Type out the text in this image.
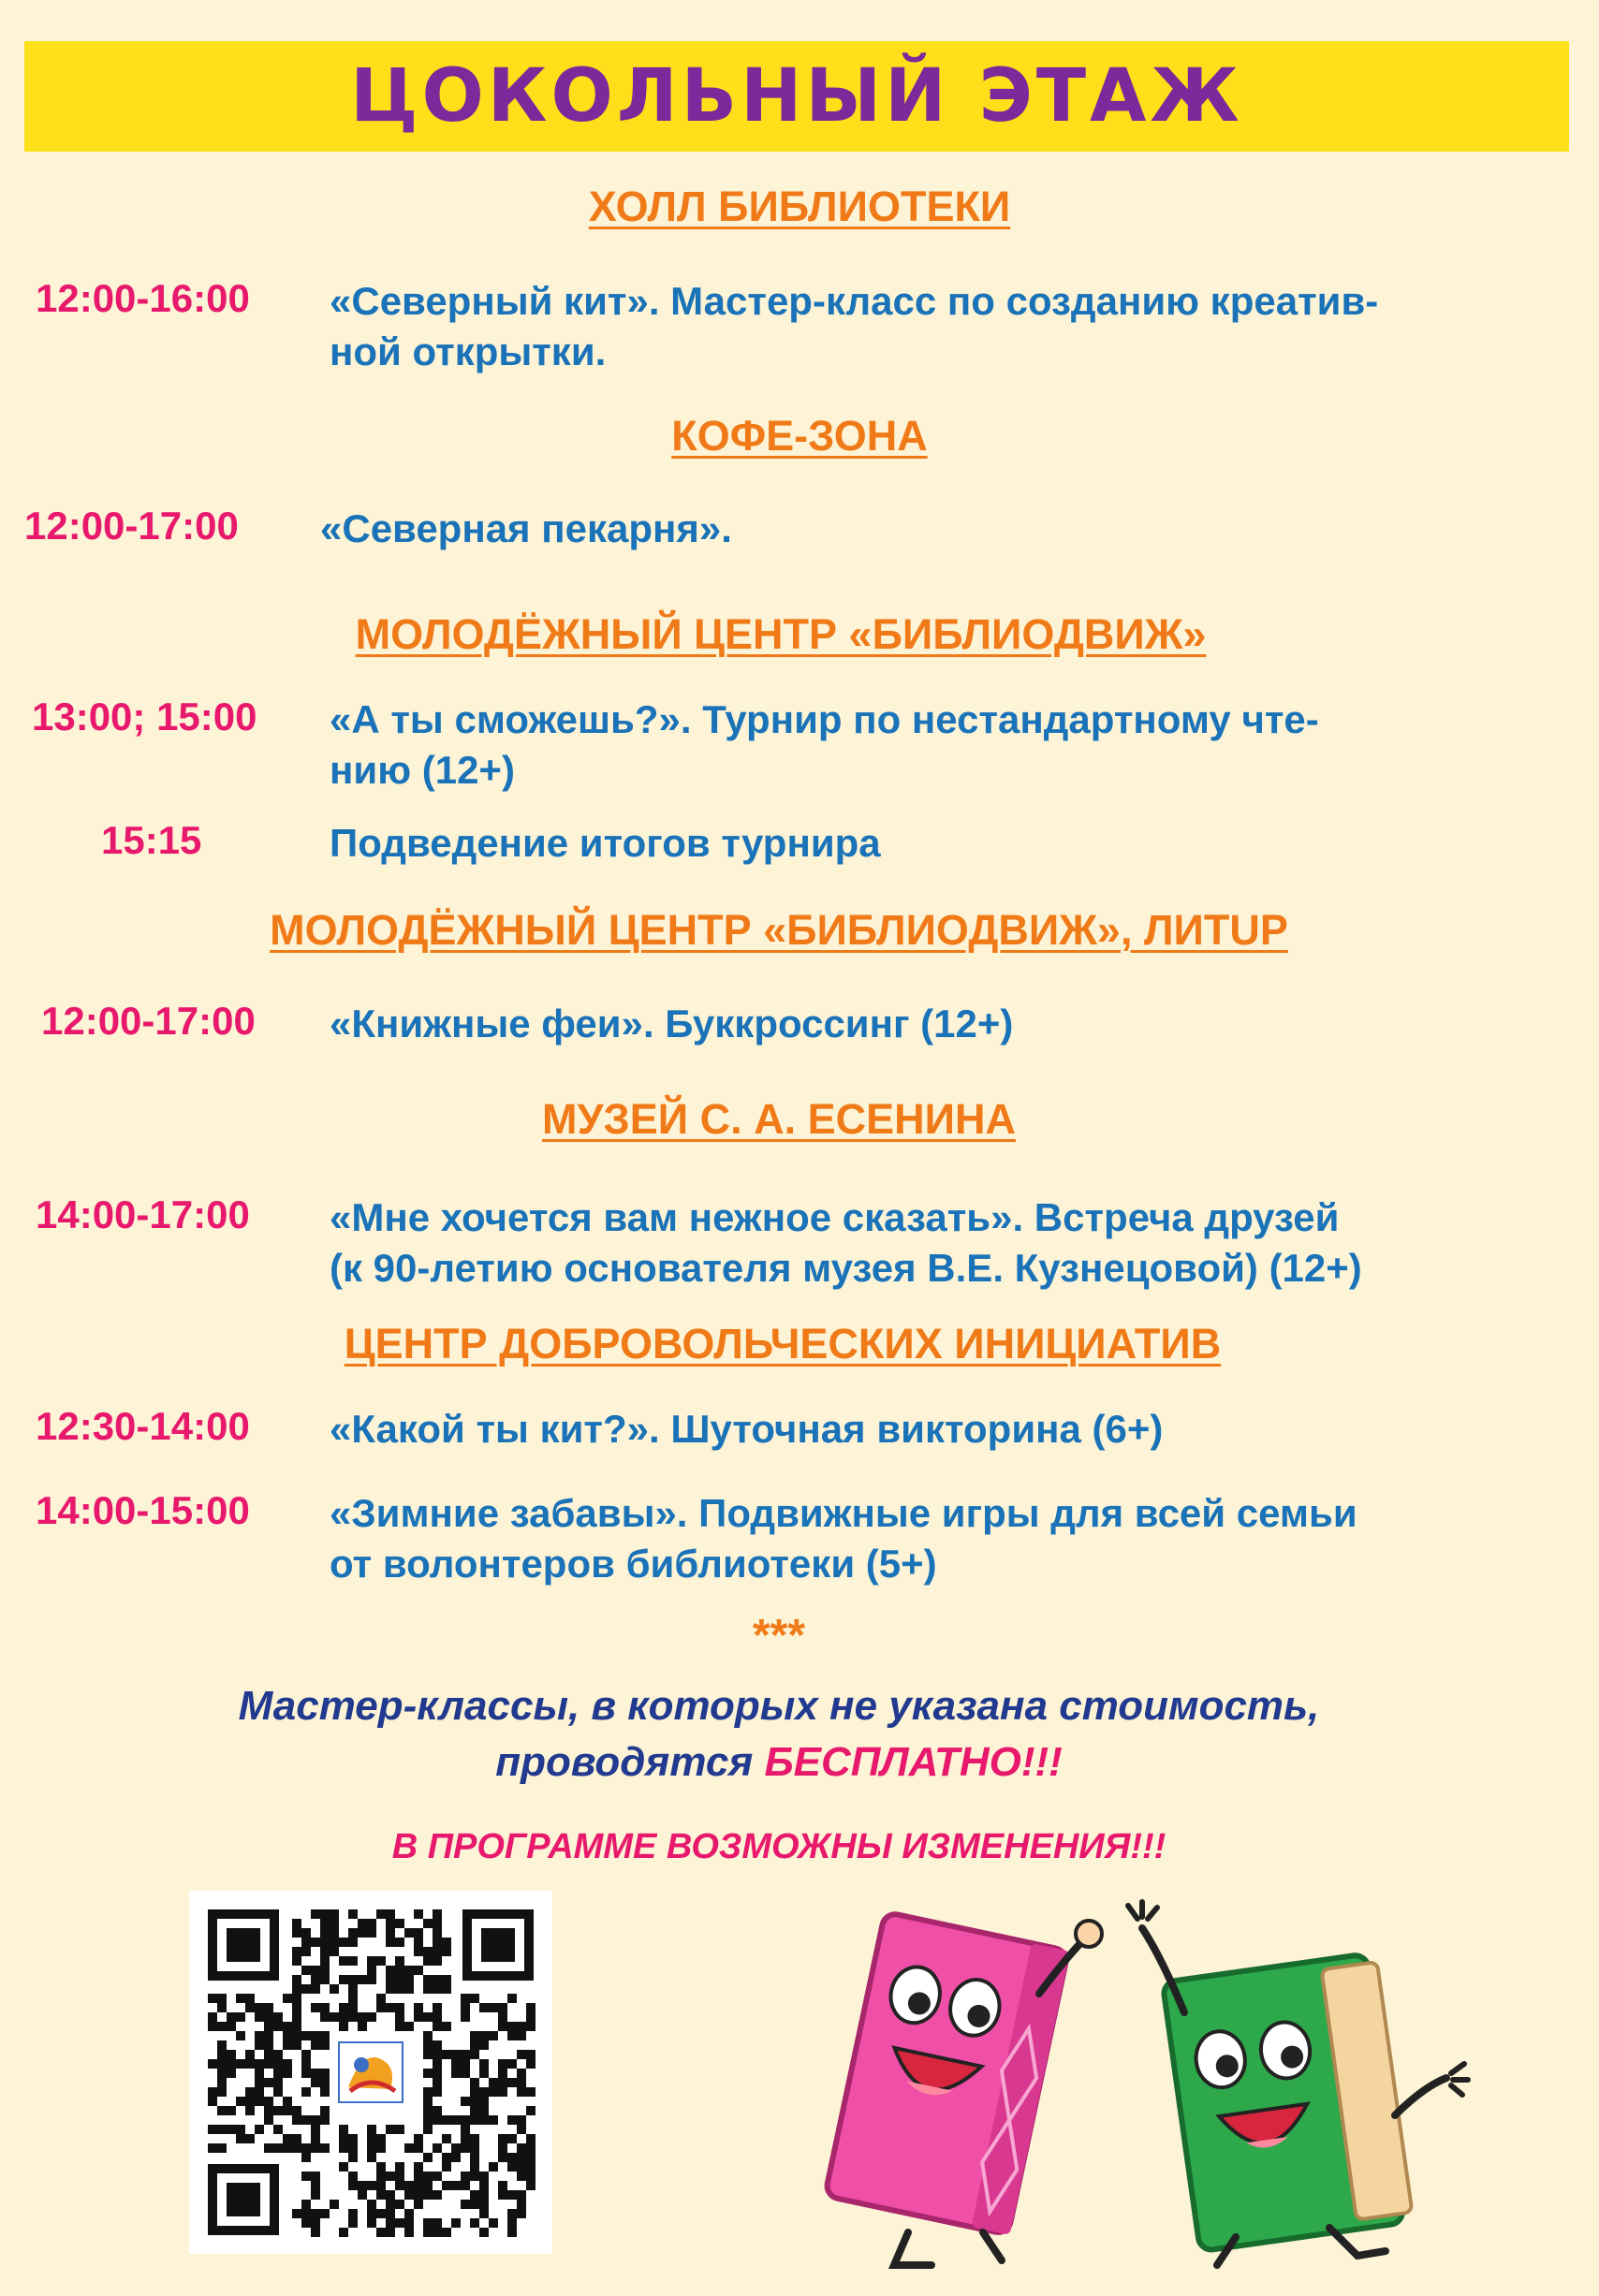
ЦОКОЛЬНЫЙ ЭТАЖ
ХОЛЛ БИБЛИОТЕКИ
12:00-16:00 «Северный кит». Мастер-класс по созданию креатив-
ной открытки.
КОФЕ-ЗОНА
12:00-17:00 «Северная пекарня».
МОЛОДЁЖНЫЙ ЦЕНТР «БИБЛИОДВИЖ»
13:00; 15:00 «А ты сможешь?». Турнир по нестандартному чте-
нию (12+)
15:15	Подведение итогов турнира
МОЛОДЁЖНЫЙ ЦЕНТР «БИБЛИОДВИЖ», ЛИТUP
12:00-17:00 «Книжные феи». Буккроссинг (12+)
МУЗЕЙ С. А. ЕСЕНИНА
14:00-17:00 «Мне хочется вам нежное сказать». Встреча друзей
(к 90-летию основателя музея В.Е. Кузнецовой) (12+)
ЦЕНТР ДОБРОВОЛЬЧЕСКИХ ИНИЦИАТИВ
12:30-14:00 «Какой ты кит?». Шуточная викторина (6+)
14:00-15:00 «Зимние забавы». Подвижные игры для всей семьи
от волонтеров библиотеки (5+)
***
Мастер-классы, в которых не указана стоимость,
проводятся БЕСПЛАТНО!!!
В ПРОГРАММЕ ВОЗМОЖНЫ ИЗМЕНЕНИЯ!!!
